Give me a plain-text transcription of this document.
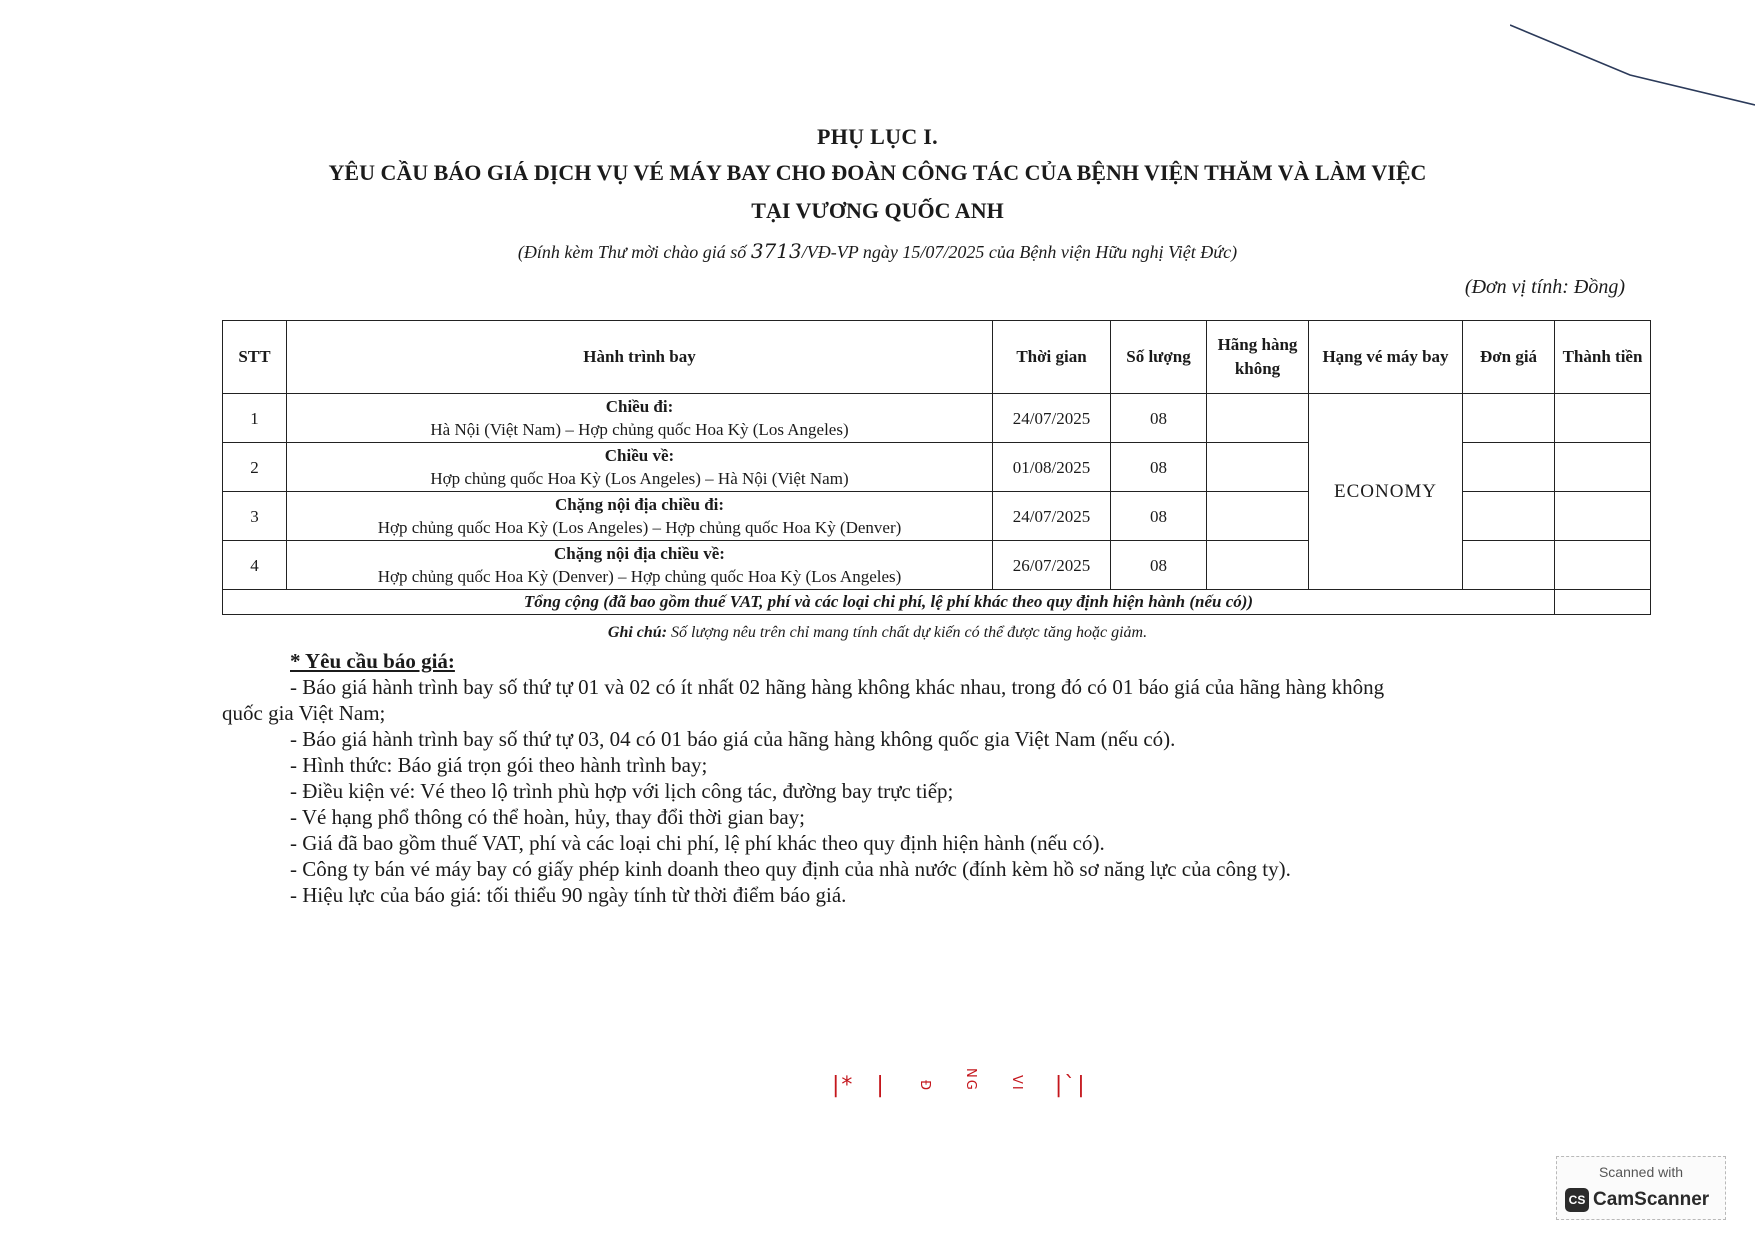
PHỤ LỤC I.
YÊU CẦU BÁO GIÁ DỊCH VỤ VÉ MÁY BAY CHO ĐOÀN CÔNG TÁC CỦA BỆNH VIỆN THĂM VÀ LÀM VIỆC
TẠI VƯƠNG QUỐC ANH
(Đính kèm Thư mời chào giá số 3713/VĐ-VP ngày 15/07/2025 của Bệnh viện Hữu nghị Việt Đức)
(Đơn vị tính: Đồng)
STT	Hành trình bay	Thời gian	Số lượng	Hãng hàng không	Hạng vé máy bay	Đơn giá	Thành tiền
1	Chiều đi:
Hà Nội (Việt Nam) – Hợp chủng quốc Hoa Kỳ (Los Angeles)	24/07/2025	08		ECONOMY		
2	Chiều về:
Hợp chủng quốc Hoa Kỳ (Los Angeles) – Hà Nội (Việt Nam)	01/08/2025	08				
3	Chặng nội địa chiều đi:
Hợp chủng quốc Hoa Kỳ (Los Angeles) – Hợp chủng quốc Hoa Kỳ (Denver)	24/07/2025	08				
4	Chặng nội địa chiều về:
Hợp chủng quốc Hoa Kỳ (Denver) – Hợp chủng quốc Hoa Kỳ (Los Angeles)	26/07/2025	08				
Tổng cộng (đã bao gồm thuế VAT, phí và các loại chi phí, lệ phí khác theo quy định hiện hành (nếu có))							
Ghi chú: Số lượng nêu trên chỉ mang tính chất dự kiến có thể được tăng hoặc giảm.
* Yêu cầu báo giá:
- Báo giá hành trình bay số thứ tự 01 và 02 có ít nhất 02 hãng hàng không khác nhau, trong đó có 01 báo giá của hãng hàng không
quốc gia Việt Nam;
- Báo giá hành trình bay số thứ tự 03, 04 có 01 báo giá của hãng hàng không quốc gia Việt Nam (nếu có).
- Hình thức: Báo giá trọn gói theo hành trình bay;
- Điều kiện vé: Vé theo lộ trình phù hợp với lịch công tác, đường bay trực tiếp;
- Vé hạng phổ thông có thể hoàn, hủy, thay đổi thời gian bay;
- Giá đã bao gồm thuế VAT, phí và các loại chi phí, lệ phí khác theo quy định hiện hành (nếu có).
- Công ty bán vé máy bay có giấy phép kinh doanh theo quy định của nhà nước (đính kèm hồ sơ năng lực của công ty).
- Hiệu lực của báo giá: tối thiểu 90 ngày tính từ thời điểm báo giá.
|* | Ð NG VI |`|
Scanned with
CS CamScanner
